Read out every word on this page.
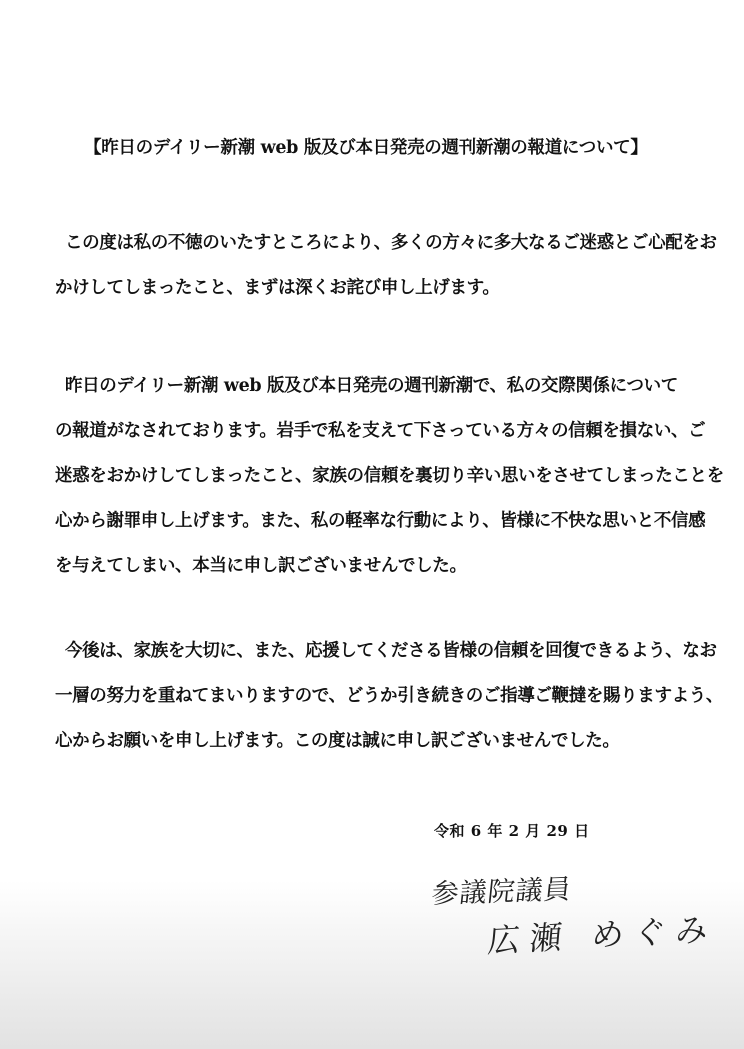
【昨日のデイリー新潮 web 版及び本日発売の週刊新潮の報道について】
この度は私の不徳のいたすところにより、多くの方々に多大なるご迷惑とご心配をお
かけしてしまったこと、まずは深くお詫び申し上げます。
昨日のデイリー新潮 web 版及び本日発売の週刊新潮で、私の交際関係について
の報道がなされております。岩手で私を支えて下さっている方々の信頼を損ない、ご
迷惑をおかけしてしまったこと、家族の信頼を裏切り辛い思いをさせてしまったことを
心から謝罪申し上げます。また、私の軽率な行動により、皆様に不快な思いと不信感
を与えてしまい、本当に申し訳ございませんでした。
今後は、家族を大切に、また、応援してくださる皆様の信頼を回復できるよう、なお
一層の努力を重ねてまいりますので、どうか引き続きのご指導ご鞭撻を賜りますよう、
心からお願いを申し上げます。この度は誠に申し訳ございませんでした。
令和 6 年 2 月 29 日
参議院議員
広瀬 めぐみ
